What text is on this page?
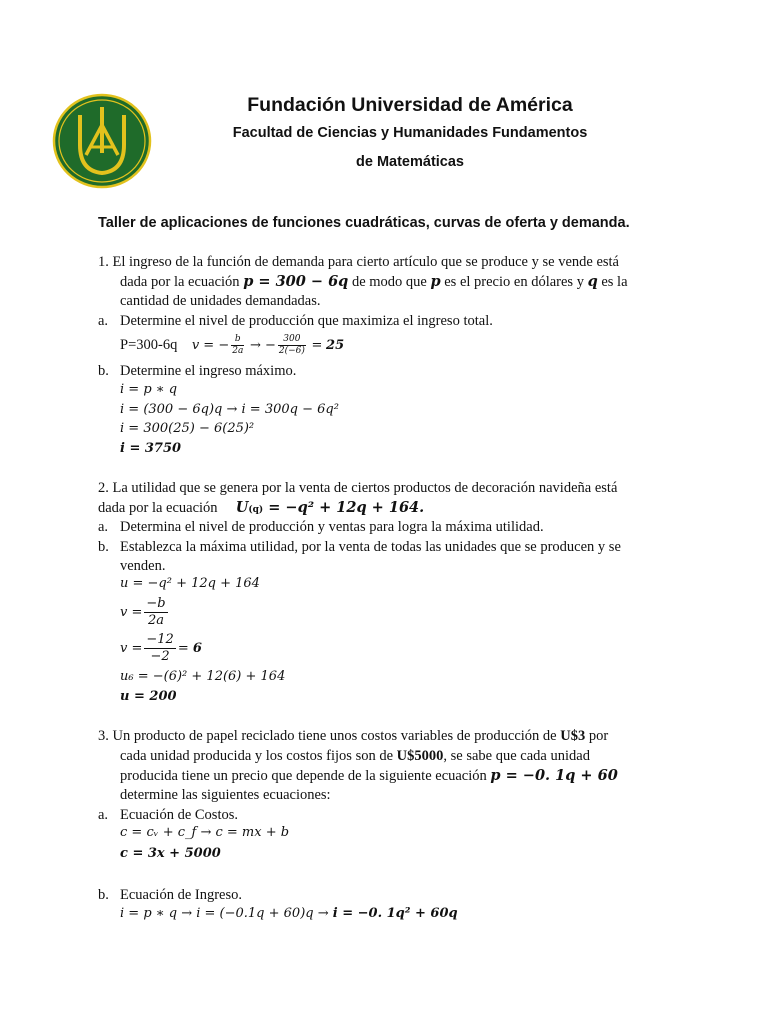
Fundación Universidad de América
Facultad de Ciencias y Humanidades Fundamentos
de Matemáticas
Taller de aplicaciones de funciones cuadráticas, curvas de oferta y demanda.
1. El ingreso de la función de demanda para cierto artículo que se produce y se vende está
dada por la ecuación p = 300 − 6q de modo que p es el precio en dólares y q es la
cantidad de unidades demandadas.
a. Determine el nivel de producción que maximiza el ingreso total.
P=300-6q v = − $\frac{b}{2a}$ → − $\frac{300}{2(-6)} = 25$
b. Determine el ingreso máximo.
i = p ∗ q
i = (300 − 6q)q → i = 300q − 6q²
i = 300(25) − 6(25)²
i = 3750
2. La utilidad que se genera por la venta de ciertos productos de decoración navideña está
dada por la ecuación U(q) = −q² + 12q + 164.
a. Determina el nivel de producción y ventas para logra la máxima utilidad.
b. Establezca la máxima utilidad, por la venta de todas las unidades que se producen y se
venden.
u = −q² + 12q + 164
$v = \frac{-b}{2a}$
$v = \frac{-12}{-2} = 6$
u₆ = −(6)² + 12(6) + 164
u = 200
3. Un producto de papel reciclado tiene unos costos variables de producción de U$3 por
cada unidad producida y los costos fijos son de U$5000, se sabe que cada unidad
producida tiene un precio que depende de la siguiente ecuación p = −0. 1q + 60
determine las siguientes ecuaciones:
a. Ecuación de Costos.
c = cᵥ + c_f → c = mx + b
c = 3x + 5000
b. Ecuación de Ingreso.
i = p ∗ q → i = (−0.1q + 60)q → i = −0. 1q² + 60q
